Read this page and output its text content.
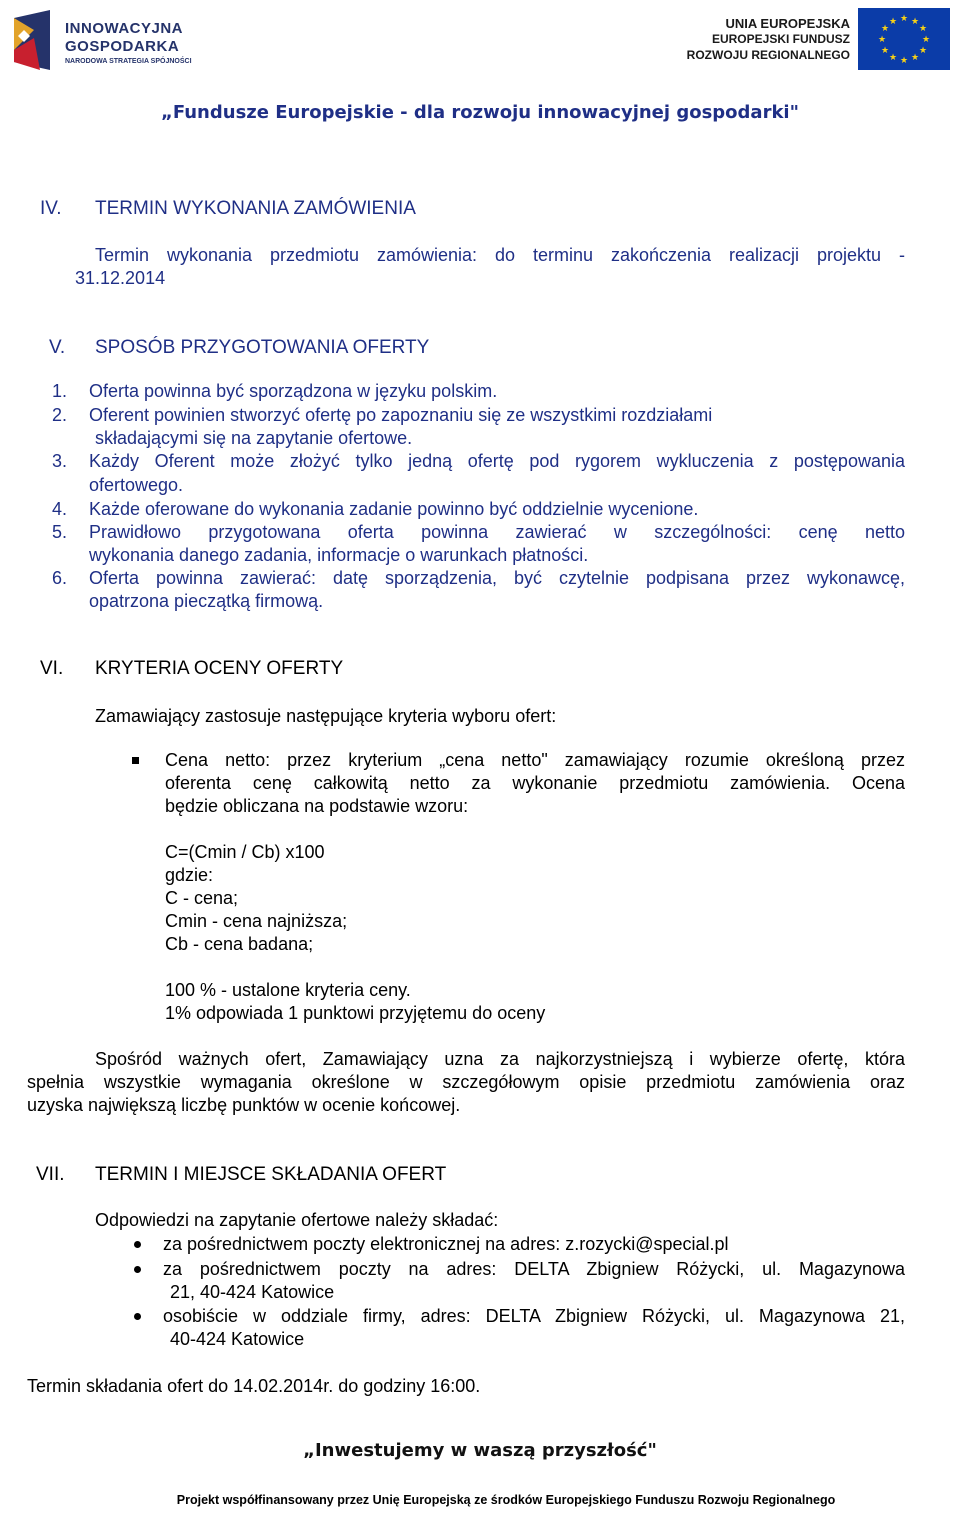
INNOWACYJNA
GOSPODARKA
NARODOWA STRATEGIA SPÓJNOŚCI
UNIA EUROPEJSKA
EUROPEJSKI FUNDUSZ
ROZWOJU REGIONALNEGO
★ ★
★
★
★
★
★
★
★
★
★
★
„Fundusze Europejskie - dla rozwoju innowacyjnej gospodarki"
IV. TERMIN WYKONANIA ZAMÓWIENIA
Termin wykonania przedmiotu zamówienia: do terminu zakończenia realizacji projektu -
31.12.2014
V. SPOSÓB PRZYGOTOWANIA OFERTY
1. Oferta powinna być sporządzona w języku polskim.
2. Oferent powinien stworzyć ofertę po zapoznaniu się ze wszystkimi rozdziałami
składającymi się na zapytanie ofertowe.
3. Każdy Oferent może złożyć tylko jedną ofertę pod rygorem wykluczenia z postępowania
ofertowego.
4. Każde oferowane do wykonania zadanie powinno być oddzielnie wycenione.
5. Prawidłowo przygotowana oferta powinna zawierać w szczególności: cenę netto
wykonania danego zadania, informacje o warunkach płatności.
6. Oferta powinna zawierać: datę sporządzenia, być czytelnie podpisana przez wykonawcę,
opatrzona pieczątką firmową.
VI. KRYTERIA OCENY OFERTY
Zamawiający zastosuje następujące kryteria wyboru ofert:
Cena netto: przez kryterium „cena netto" zamawiający rozumie określoną przez
oferenta cenę całkowitą netto za wykonanie przedmiotu zamówienia. Ocena
będzie obliczana na podstawie wzoru:
C=(Cmin / Cb) x100
gdzie:
C - cena;
Cmin - cena najniższa;
Cb - cena badana;
100 % - ustalone kryteria ceny.
1% odpowiada 1 punktowi przyjętemu do oceny
Spośród ważnych ofert, Zamawiający uzna za najkorzystniejszą i wybierze ofertę, która
spełnia wszystkie wymagania określone w szczegółowym opisie przedmiotu zamówienia oraz
uzyska największą liczbę punktów w ocenie końcowej.
VII. TERMIN I MIEJSCE SKŁADANIA OFERT
Odpowiedzi na zapytanie ofertowe należy składać:
za pośrednictwem poczty elektronicznej na adres: z.rozycki@special.pl
za pośrednictwem poczty na adres: DELTA Zbigniew Różycki, ul. Magazynowa
21, 40-424 Katowice
osobiście w oddziale firmy, adres: DELTA Zbigniew Różycki, ul. Magazynowa 21,
40-424 Katowice
Termin składania ofert do 14.02.2014r. do godziny 16:00.
„Inwestujemy w waszą przyszłość"
Projekt współfinansowany przez Unię Europejską ze środków Europejskiego Funduszu Rozwoju Regionalnego
